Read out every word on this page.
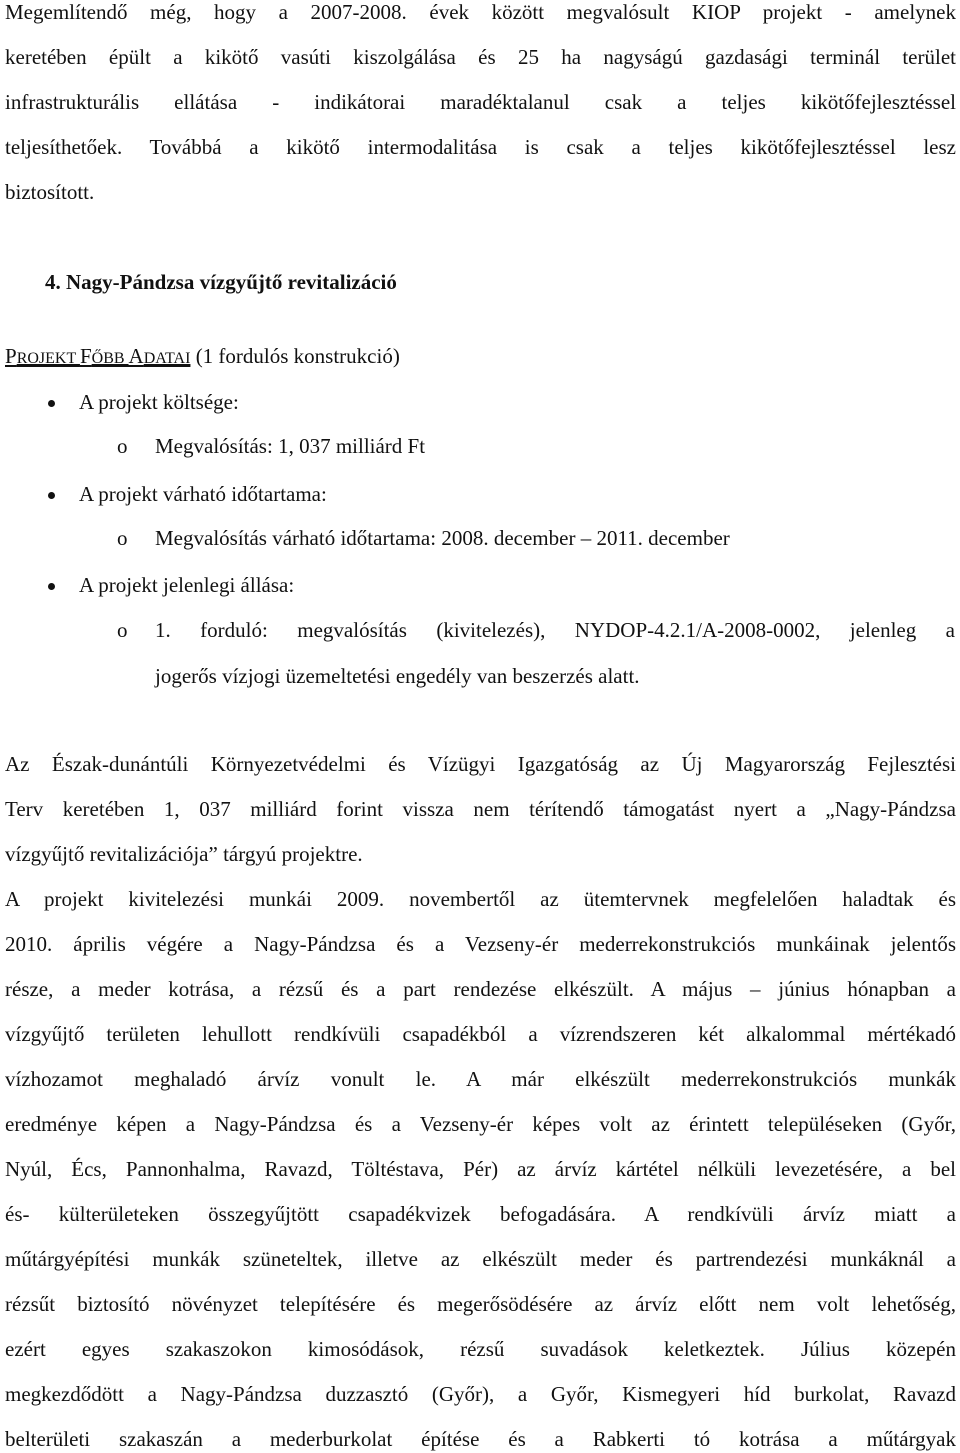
Megemlítendő még, hogy a 2007-2008. évek között megvalósult KIOP projekt - amelynek
keretében épült a kikötő vasúti kiszolgálása és 25 ha nagyságú gazdasági terminál terület
infrastrukturális ellátása - indikátorai maradéktalanul csak a teljes kikötőfejlesztéssel
teljesíthetőek. Továbbá a kikötő intermodalitása is csak a teljes kikötőfejlesztéssel lesz
biztosított.
4. Nagy-Pándzsa vízgyűjtő revitalizáció
PROJEKT FŐBB ADATAI (1 fordulós konstrukció)
A projekt költsége:
o Megvalósítás: 1, 037 milliárd Ft
A projekt várható időtartama:
o Megvalósítás várható időtartama: 2008. december – 2011. december
A projekt jelenlegi állása:
o 1. forduló: megvalósítás (kivitelezés), NYDOP-4.2.1/A-2008-0002, jelenleg a
jogerős vízjogi üzemeltetési engedély van beszerzés alatt.
Az Észak-dunántúli Környezetvédelmi és Vízügyi Igazgatóság az Új Magyarország Fejlesztési
Terv keretében 1, 037 milliárd forint vissza nem térítendő támogatást nyert a „Nagy-Pándzsa
vízgyűjtő revitalizációja” tárgyú projektre.
A projekt kivitelezési munkái 2009. novembertől az ütemtervnek megfelelően haladtak és
2010. április végére a Nagy-Pándzsa és a Vezseny-ér mederrekonstrukciós munkáinak jelentős
része, a meder kotrása, a rézsű és a part rendezése elkészült. A május – június hónapban a
vízgyűjtő területen lehullott rendkívüli csapadékból a vízrendszeren két alkalommal mértékadó
vízhozamot meghaladó árvíz vonult le. A már elkészült mederrekonstrukciós munkák
eredménye képen a Nagy-Pándzsa és a Vezseny-ér képes volt az érintett településeken (Győr,
Nyúl, Écs, Pannonhalma, Ravazd, Töltéstava, Pér) az árvíz kártétel nélküli levezetésére, a bel
és- külterületeken összegyűjtött csapadékvizek befogadására. A rendkívüli árvíz miatt a
műtárgyépítési munkák szüneteltek, illetve az elkészült meder és partrendezési munkáknál a
rézsűt biztosító növényzet telepítésére és megerősödésére az árvíz előtt nem volt lehetőség,
ezért egyes szakaszokon kimosódások, rézsű suvadások keletkeztek. Július közepén
megkezdődött a Nagy-Pándzsa duzzasztó (Győr), a Győr, Kismegyeri híd burkolat, Ravazd
belterületi szakaszán a mederburkolat építése és a Rabkerti tó kotrása a műtárgyak
